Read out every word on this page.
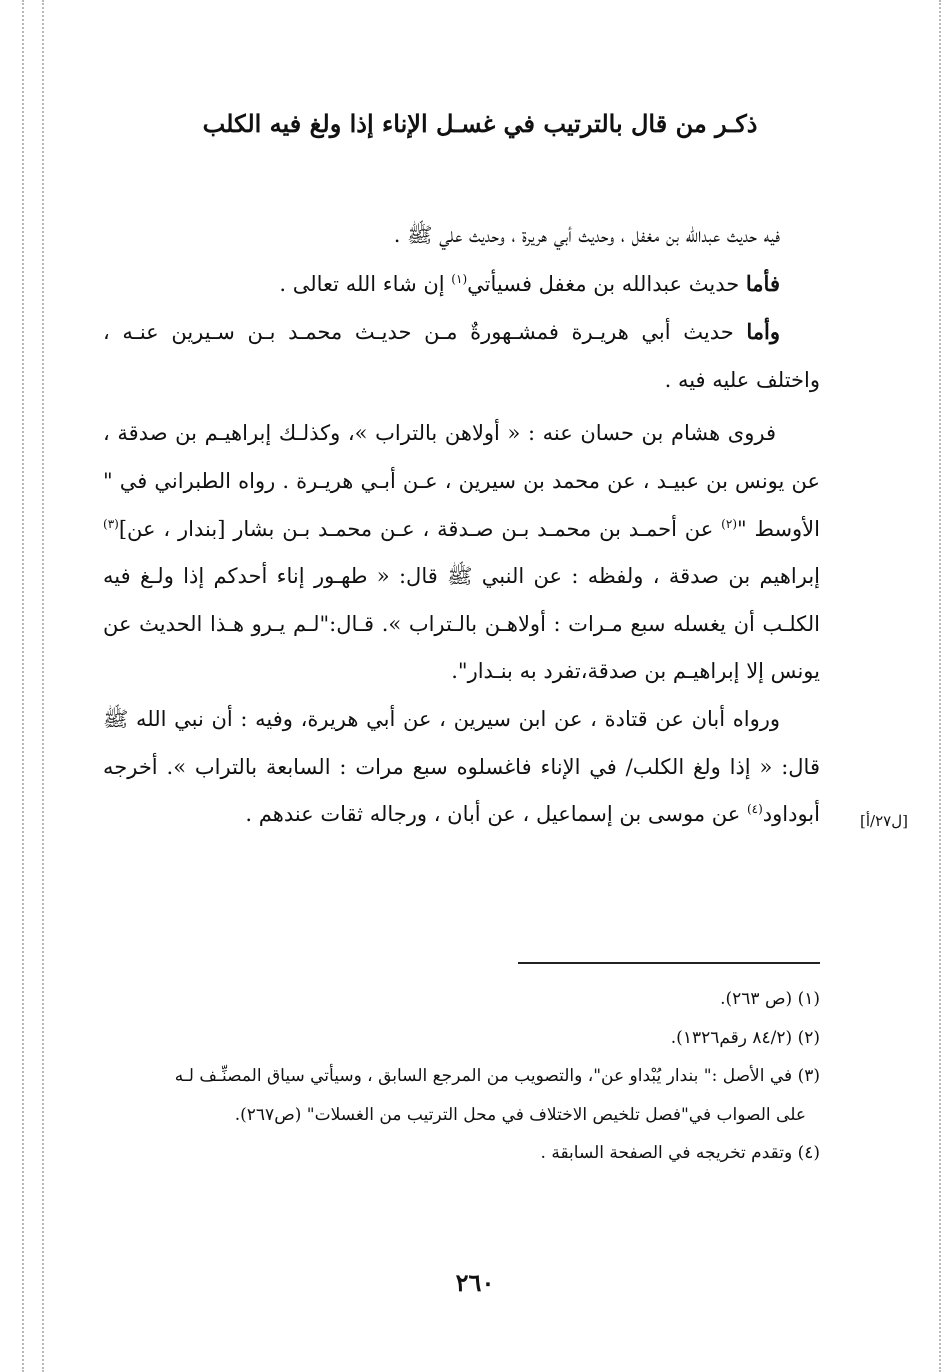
ذكـر من قال بالترتيب في غسـل الإناء إذا ولغ فيه الكلب

فيه حديث عبدالله بن مغفل ، وحديث أبي هريرة ، وحديث علي ﷺ .

فأما حديث عبدالله بن مغفل فسيأتي$^{(١)}$ إن شاء الله تعالى .

وأما حديث أبي هريـرة فمشـهورةٌ مـن حديـث محمـد بـن سـيرين عنـه ، واختلف عليه فيه .

فروى هشام بن حسان عنه : « أولاهن بالتراب »، وكذلـك إبراهيـم بن صدقة ، عن يونس بن عبيـد ، عن محمد بن سيرين ، عـن أبـي هريـرة . رواه الطبراني في " الأوسط "$^{(٢)}$ عن أحمـد بن محمـد بـن صـدقة ، عـن محمـد بـن بشار [بندار ، عن]$^{(٣)}$ إبراهيم بن صدقة ، ولفظه : عن النبي ﷺ قال: « طهـور إناء أحدكم إذا ولـغ فيه الكلـب أن يغسله سبع مـرات : أولاهـن بالـتراب ». قـال:"لـم يـرو هـذا الحديث عن يونس إلا إبراهيـم بن صدقة،تفرد به بنـدار".

ورواه أبان عن قتادة ، عن ابن سيرين ، عن أبي هريرة، وفيه : أن نبي الله ﷺ قال: « إذا ولغ الكلب/ في الإناء فاغسلوه سبع مرات : السابعة بالتراب ». أخرجه أبوداود$^{(٤)}$ عن موسى بن إسماعيل ، عن أبان ، ورجاله ثقات عندهم .	[ل٢٧/أ]

(١) (ص ٢٦٣).

(٢) (٨٤/٢ رقم١٣٢٦).

(٣) في الأصل :" بندار يُبْداو عن"، والتصويب من المرجع السابق ، وسيأتي سياق المصنِّـف لـه
على الصواب في"فصل تلخيص الاختلاف في محل الترتيب من الغسلات" (ص٢٦٧).

(٤) وتقدم تخريجه في الصفحة السابقة .

٢٦٠
